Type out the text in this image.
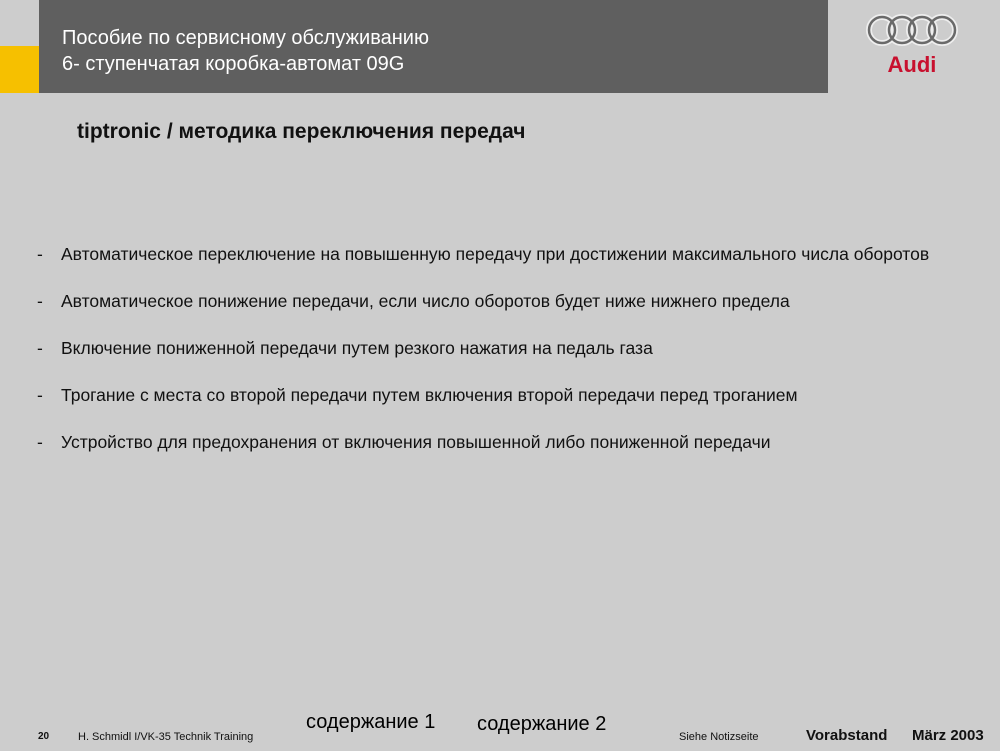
Пособие по сервисному обслуживанию
6- ступенчатая коробка-автомат 09G	Audi
tiptronic / методика переключения передач
- Автоматическое переключение на повышенную передачу при достижении максимального числа оборотов
- Автоматическое понижение передачи, если число оборотов будет ниже нижнего предела
- Включение пониженной передачи путем резкого нажатия на педаль газа
- Трогание с места со второй передачи путем включения второй передачи перед троганием
- Устройство для предохранения от включения повышенной либо пониженной передачи
20	H. Schmidl I/VK-35 Technik Training
содержание 1 содержание 2
Siehe Notizseite	Vorabstand März 2003
